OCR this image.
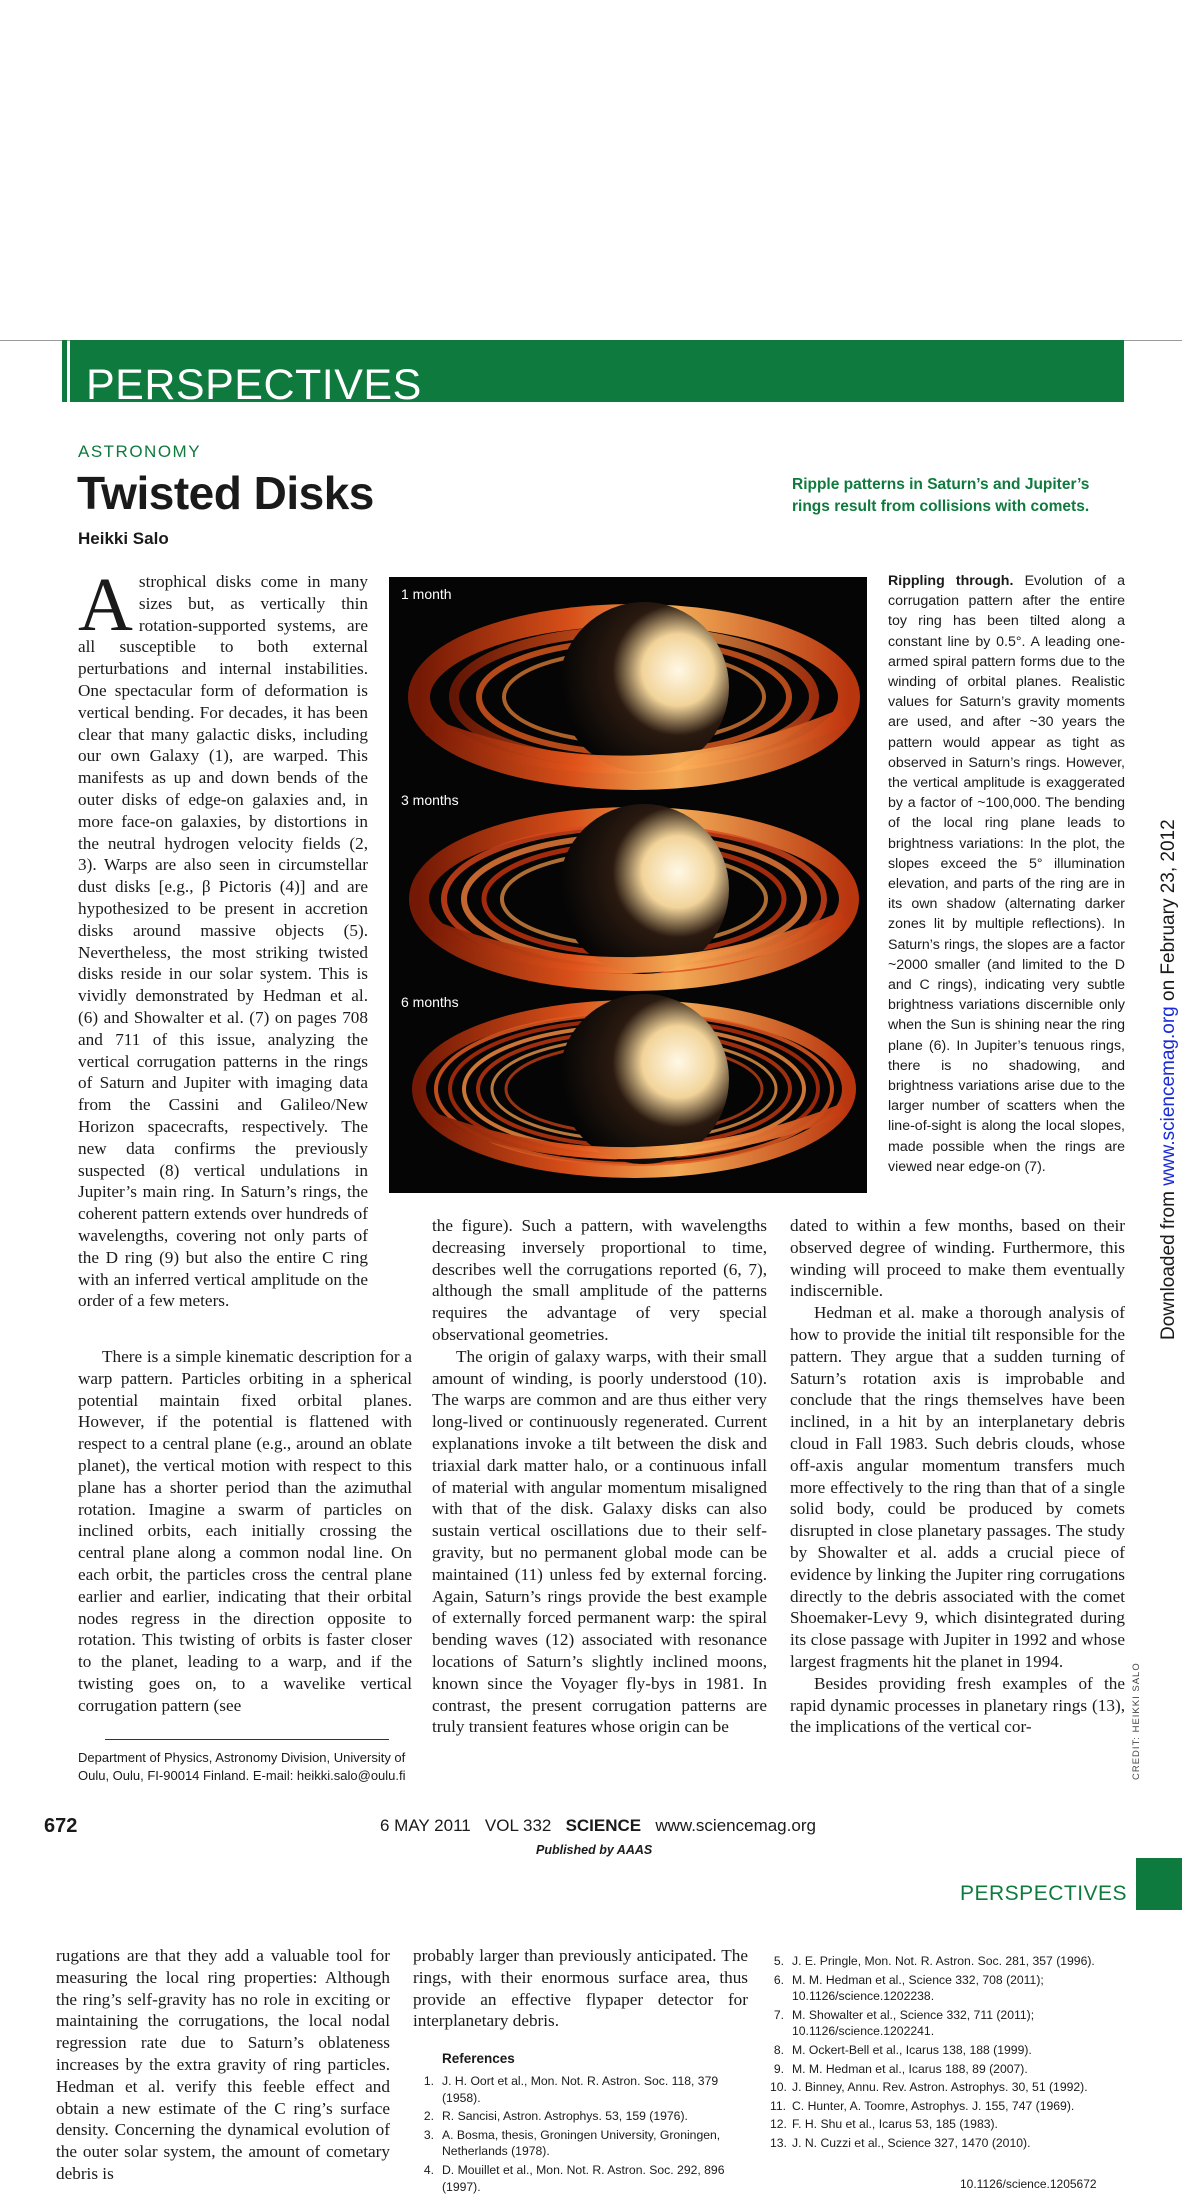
PERSPECTIVES
ASTRONOMY
Twisted Disks
Heikki Salo
Ripple patterns in Saturn’s and Jupiter’s rings result from collisions with comets.
1 month
3 months
6 months
Rippling through. Evolution of a corrugation pattern after the entire toy ring has been tilted along a constant line by 0.5°. A leading one-armed spiral pattern forms due to the winding of orbital planes. Realistic values for Saturn’s gravity moments are used, and after ~30 years the pattern would appear as tight as observed in Saturn’s rings. However, the vertical amplitude is exaggerated by a factor of ~100,000. The bending of the local ring plane leads to brightness variations: In the plot, the slopes exceed the 5° illumination elevation, and parts of the ring are in its own shadow (alternating darker zones lit by multiple reflections). In Saturn’s rings, the slopes are a factor ~2000 smaller (and limited to the D and C rings), indicating very subtle brightness variations discernible only when the Sun is shining near the ring plane (6). In Jupiter’s tenuous rings, there is no shadowing, and brightness variations arise due to the larger number of scatters when the line-of-sight is along the local slopes, made possible when the rings are viewed near edge-on (7).

Astrophical disks come in many sizes but, as vertically thin rotation-supported systems, are all susceptible to both external perturbations and internal instabilities. One spectacular form of deformation is vertical bending. For decades, it has been clear that many galactic disks, including our own Galaxy (1), are warped. This manifests as up and down bends of the outer disks of edge-on galaxies and, in more face-on galaxies, by distortions in the neutral hydrogen velocity fields (2, 3). Warps are also seen in circumstellar dust disks [e.g., β Pictoris (4)] and are hypothesized to be present in accretion disks around massive objects (5). Nevertheless, the most striking twisted disks reside in our solar system. This is vividly demonstrated by Hedman et al. (6) and Showalter et al. (7) on pages 708 and 711 of this issue, analyzing the vertical corrugation patterns in the rings of Saturn and Jupiter with imaging data from the Cassini and Galileo/New Horizon spacecrafts, respectively. The new data confirms the previously suspected (8) vertical undulations in Jupiter’s main ring. In Saturn’s rings, the coherent pattern extends over hundreds of wavelengths, covering not only parts of the D ring (9) but also the entire C ring with an inferred vertical amplitude on the order of a few meters.

There is a simple kinematic description for a warp pattern. Particles orbiting in a spherical potential maintain fixed orbital planes. However, if the potential is flattened with respect to a central plane (e.g., around an oblate planet), the vertical motion with respect to this plane has a shorter period than the azimuthal rotation. Imagine a swarm of particles on inclined orbits, each initially crossing the central plane along a common nodal line. On each orbit, the particles cross the central plane earlier and earlier, indicating that their orbital nodes regress in the direction opposite to rotation. This twisting of orbits is faster closer to the planet, leading to a warp, and if the twisting goes on, to a wavelike vertical corrugation pattern (see

the figure). Such a pattern, with wavelengths decreasing inversely proportional to time, describes well the corrugations reported (6, 7), although the small amplitude of the patterns requires the advantage of very special observational geometries.

The origin of galaxy warps, with their small amount of winding, is poorly understood (10). The warps are common and are thus either very long-lived or continuously regenerated. Current explanations invoke a tilt between the disk and triaxial dark matter halo, or a continuous infall of material with angular momentum misaligned with that of the disk. Galaxy disks can also sustain vertical oscillations due to their self-gravity, but no permanent global mode can be maintained (11) unless fed by external forcing. Again, Saturn’s rings provide the best example of externally forced permanent warp: the spiral bending waves (12) associated with resonance locations of Saturn’s slightly inclined moons, known since the Voyager fly-bys in 1981. In contrast, the present corrugation patterns are truly transient features whose origin can be

dated to within a few months, based on their observed degree of winding. Furthermore, this winding will proceed to make them eventually indiscernible.

Hedman et al. make a thorough analysis of how to provide the initial tilt responsible for the pattern. They argue that a sudden turning of Saturn’s rotation axis is improbable and conclude that the rings themselves have been inclined, in a hit by an interplanetary debris cloud in Fall 1983. Such debris clouds, whose off-axis angular momentum transfers much more effectively to the ring than that of a single solid body, could be produced by comets disrupted in close planetary passages. The study by Showalter et al. adds a crucial piece of evidence by linking the Jupiter ring corrugations directly to the debris associated with the comet Shoemaker-Levy 9, which disintegrated during its close passage with Jupiter in 1992 and whose largest fragments hit the planet in 1994.

Besides providing fresh examples of the rapid dynamic processes in planetary rings (13), the implications of the vertical cor-

Department of Physics, Astronomy Division, University of Oulu, Oulu, FI-90014 Finland. E-mail: heikki.salo@oulu.fi	CREDIT: HEIKKI SALO
Downloaded from www.sciencemag.org on February 23, 2012
672	6 MAY 2011 VOL 332 SCIENCE www.sciencemag.org
Published by AAAS
PERSPECTIVES

rugations are that they add a valuable tool for measuring the local ring properties: Although the ring’s self-gravity has no role in exciting or maintaining the corrugations, the local nodal regression rate due to Saturn’s oblateness increases by the extra gravity of ring particles. Hedman et al. verify this feeble effect and obtain a new estimate of the C ring’s surface density. Concerning the dynamical evolution of the outer solar system, the amount of cometary debris is

probably larger than previously anticipated. The rings, with their enormous surface area, thus provide an effective flypaper detector for interplanetary debris.

References
1. J. H. Oort et al., Mon. Not. R. Astron. Soc. 118, 379 (1958).
2. R. Sancisi, Astron. Astrophys. 53, 159 (1976).
3. A. Bosma, thesis, Groningen University, Groningen, Netherlands (1978).
4. D. Mouillet et al., Mon. Not. R. Astron. Soc. 292, 896 (1997).
5. J. E. Pringle, Mon. Not. R. Astron. Soc. 281, 357 (1996).
6. M. M. Hedman et al., Science 332, 708 (2011); 10.1126/science.1202238.
7. M. Showalter et al., Science 332, 711 (2011); 10.1126/science.1202241.
8. M. Ockert-Bell et al., Icarus 138, 188 (1999).
9. M. M. Hedman et al., Icarus 188, 89 (2007).
10. J. Binney, Annu. Rev. Astron. Astrophys. 30, 51 (1992).
11. C. Hunter, A. Toomre, Astrophys. J. 155, 747 (1969).
12. F. H. Shu et al., Icarus 53, 185 (1983).
13. J. N. Cuzzi et al., Science 327, 1470 (2010).
10.1126/science.1205672
